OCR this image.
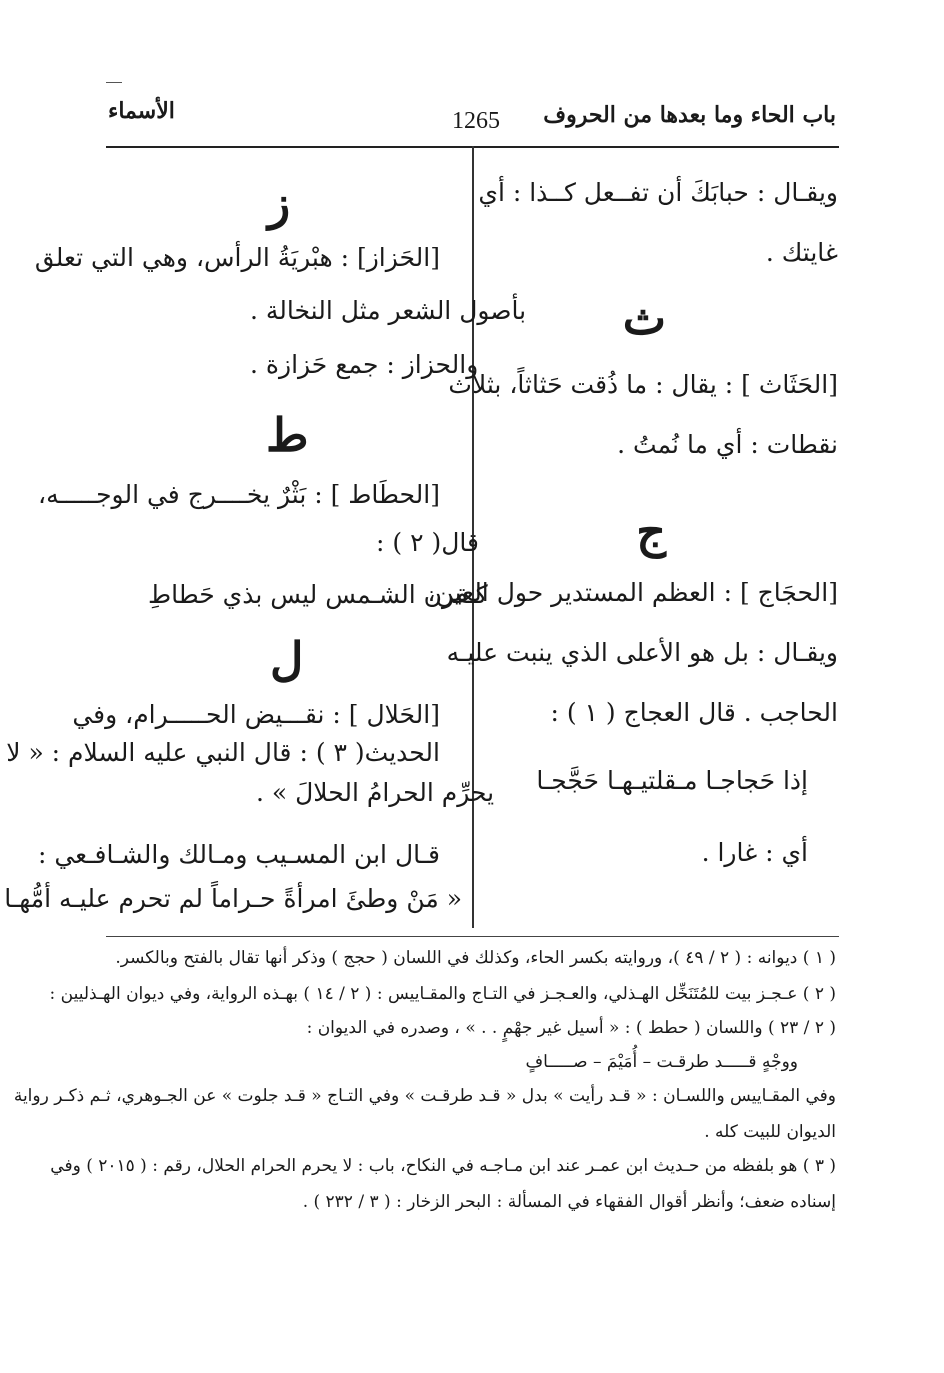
باب الحاء وما بعدها من الحروف
1265
الأسماء
ويقـال : حبابَكَ أن تفــعل كــذا : أي
غايتك .
ث
[الحَثَاث ] : يقال : ما ذُقت حَثاثاً، بثلاث
نقطات : أي ما نُمتُ .
ج
[الحجَاج ] : العظم المستدير حول العين،
ويقـال : بل هو الأعلى الذي ينبت عليـه
الحاجب . قال العجاج ( ١ ) :
إذا حَجاجـا مـقلتيـهـا حَجَّجـا
أي : غارا .
ز
[الحَزاز] : هبْريَةُ الرأس، وهي التي تعلق
بأصول الشعر مثل النخالة .
والحزاز : جمع حَزازة .
ط
[الحطَاط ] : بَثْرٌ يخــــرج في الوجـــــه،
قال( ٢ ) :
كـقرن الشـمس ليس بذي حَطاطِ
ل
[الحَلال ] : نقـــيض الحـــــرام، وفي
الحديث( ٣ ) : قال النبي عليه السلام : « لا
يحرِّم الحرامُ الحلالَ » .
قـال ابن المسـيب ومـالك والشـافـعي :
« مَنْ وطئَ امرأةً حـراماً لم تحرم عليـه أمُّهـا
( ١ ) ديوانه : ( ٢ / ٤٩ )، وروايته بكسر الحاء، وكذلك في اللسان ( حجج ) وذكر أنها تقال بالفتح وبالكسر.
( ٢ ) عـجـز بيت للمُتَنَخِّل الهـذلي، والعـجـز في التـاج والمقـاييس : ( ٢ / ١٤ ) بهـذه الرواية، وفي ديوان الهـذليين :
( ٢ / ٢٣ ) واللسان ( حطط ) : « أسيل غير جهْمٍ . . » ، وصدره في الديوان :
ووجْهٍ قـــــد طرقـت – أُمَيْمَ – صـــــافٍ
وفي المقـاييس واللسـان : « قـد رأيت » بدل « قـد طرقـت » وفي التـاج « قـد جلوت » عن الجـوهري، ثـم ذكـر رواية
الديوان للبيت كله .
( ٣ ) هو بلفظه من حـديث ابن عمـر عند ابن مـاجـه في النكاح، باب : لا يحرم الحرام الحلال، رقم : ( ٢٠١٥ ) وفي
إسناده ضعف؛ وأنظر أقوال الفقهاء في المسألة : البحر الزخار : ( ٣ / ٢٣٢ ) .
